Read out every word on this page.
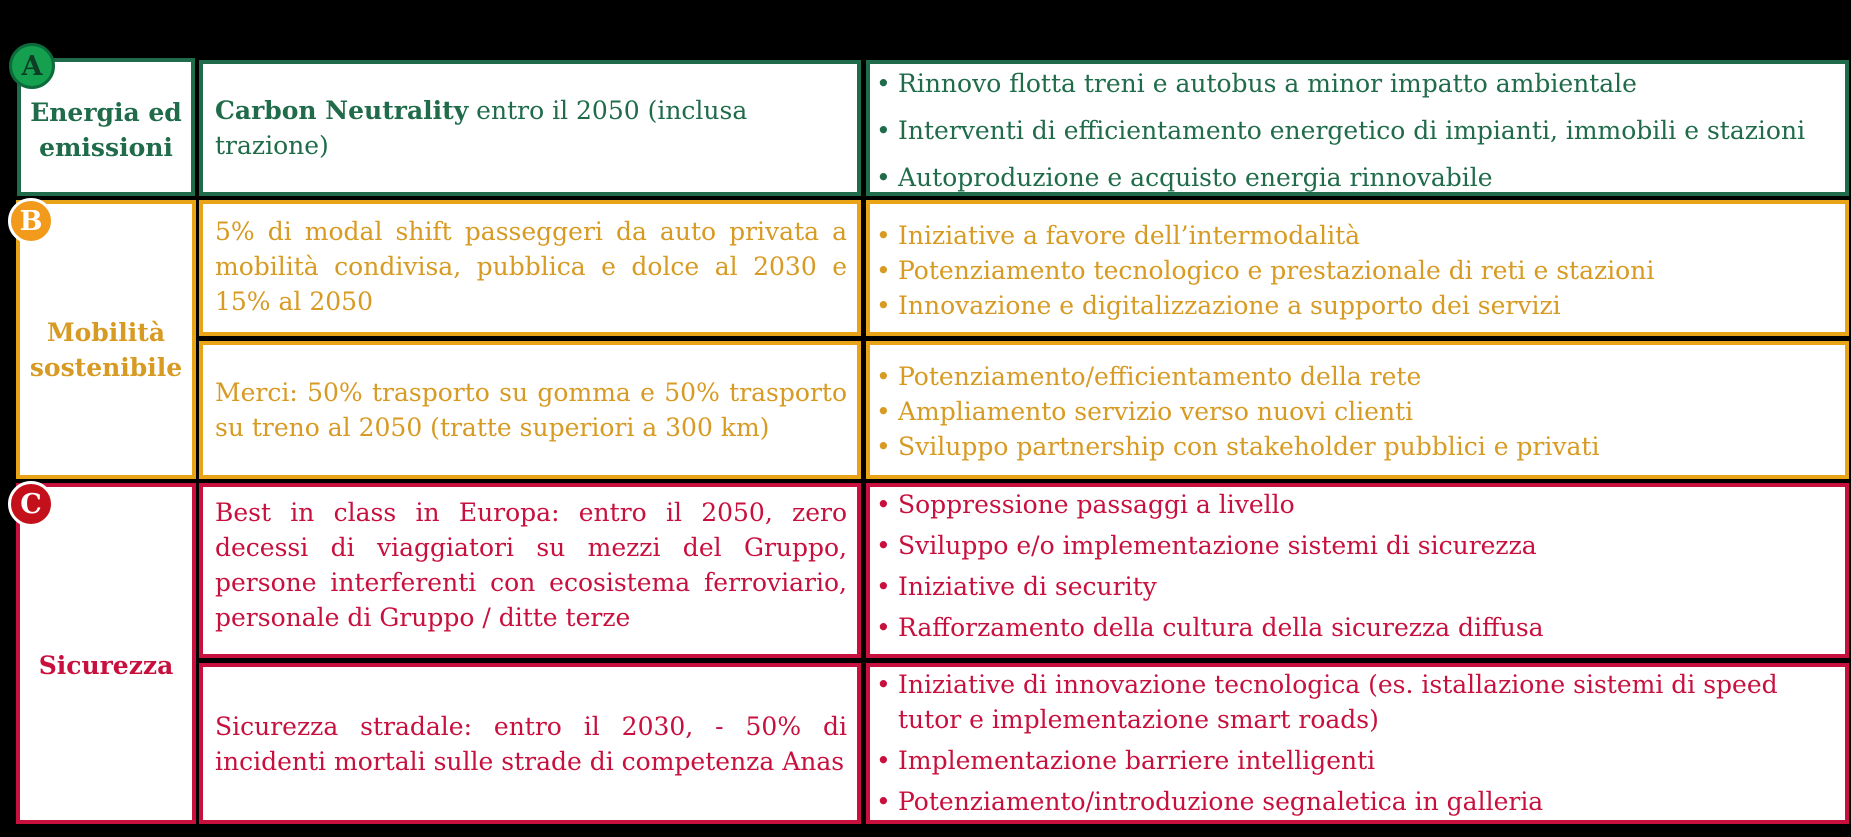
Energia ed emissioni
Carbon Neutrality entro il 2050 (inclusa trazione)
• Rinnovo flotta treni e autobus a minor impatto ambientale
• Interventi di efficientamento energetico di impianti, immobili e stazioni
• Autoproduzione e acquisto energia rinnovabile
A
Mobilità sostenibile
5% di modal shift passeggeri da auto privata a mobilità condivisa, pubblica e dolce al 2030 e 15% al 2050
• Iniziative a favore dell’intermodalità
• Potenziamento tecnologico e prestazionale di reti e stazioni
• Innovazione e digitalizzazione a supporto dei servizi
Merci: 50% trasporto su gomma e 50% trasporto su treno al 2050 (tratte superiori a 300 km)
• Potenziamento/efficientamento della rete
• Ampliamento servizio verso nuovi clienti
• Sviluppo partnership con stakeholder pubblici e privati
B
Sicurezza
Best in class in Europa: entro il 2050, zero decessi di viaggiatori su mezzi del Gruppo, persone interferenti con ecosistema ferroviario, personale di Gruppo / ditte terze
• Soppressione passaggi a livello
• Sviluppo e/o implementazione sistemi di sicurezza
• Iniziative di security
• Rafforzamento della cultura della sicurezza diffusa
Sicurezza stradale: entro il 2030, - 50% di incidenti mortali sulle strade di competenza Anas
• Iniziative di innovazione tecnologica (es. istallazione sistemi di speed tutor e implementazione smart roads)
• Implementazione barriere intelligenti
• Potenziamento/introduzione segnaletica in galleria
C
